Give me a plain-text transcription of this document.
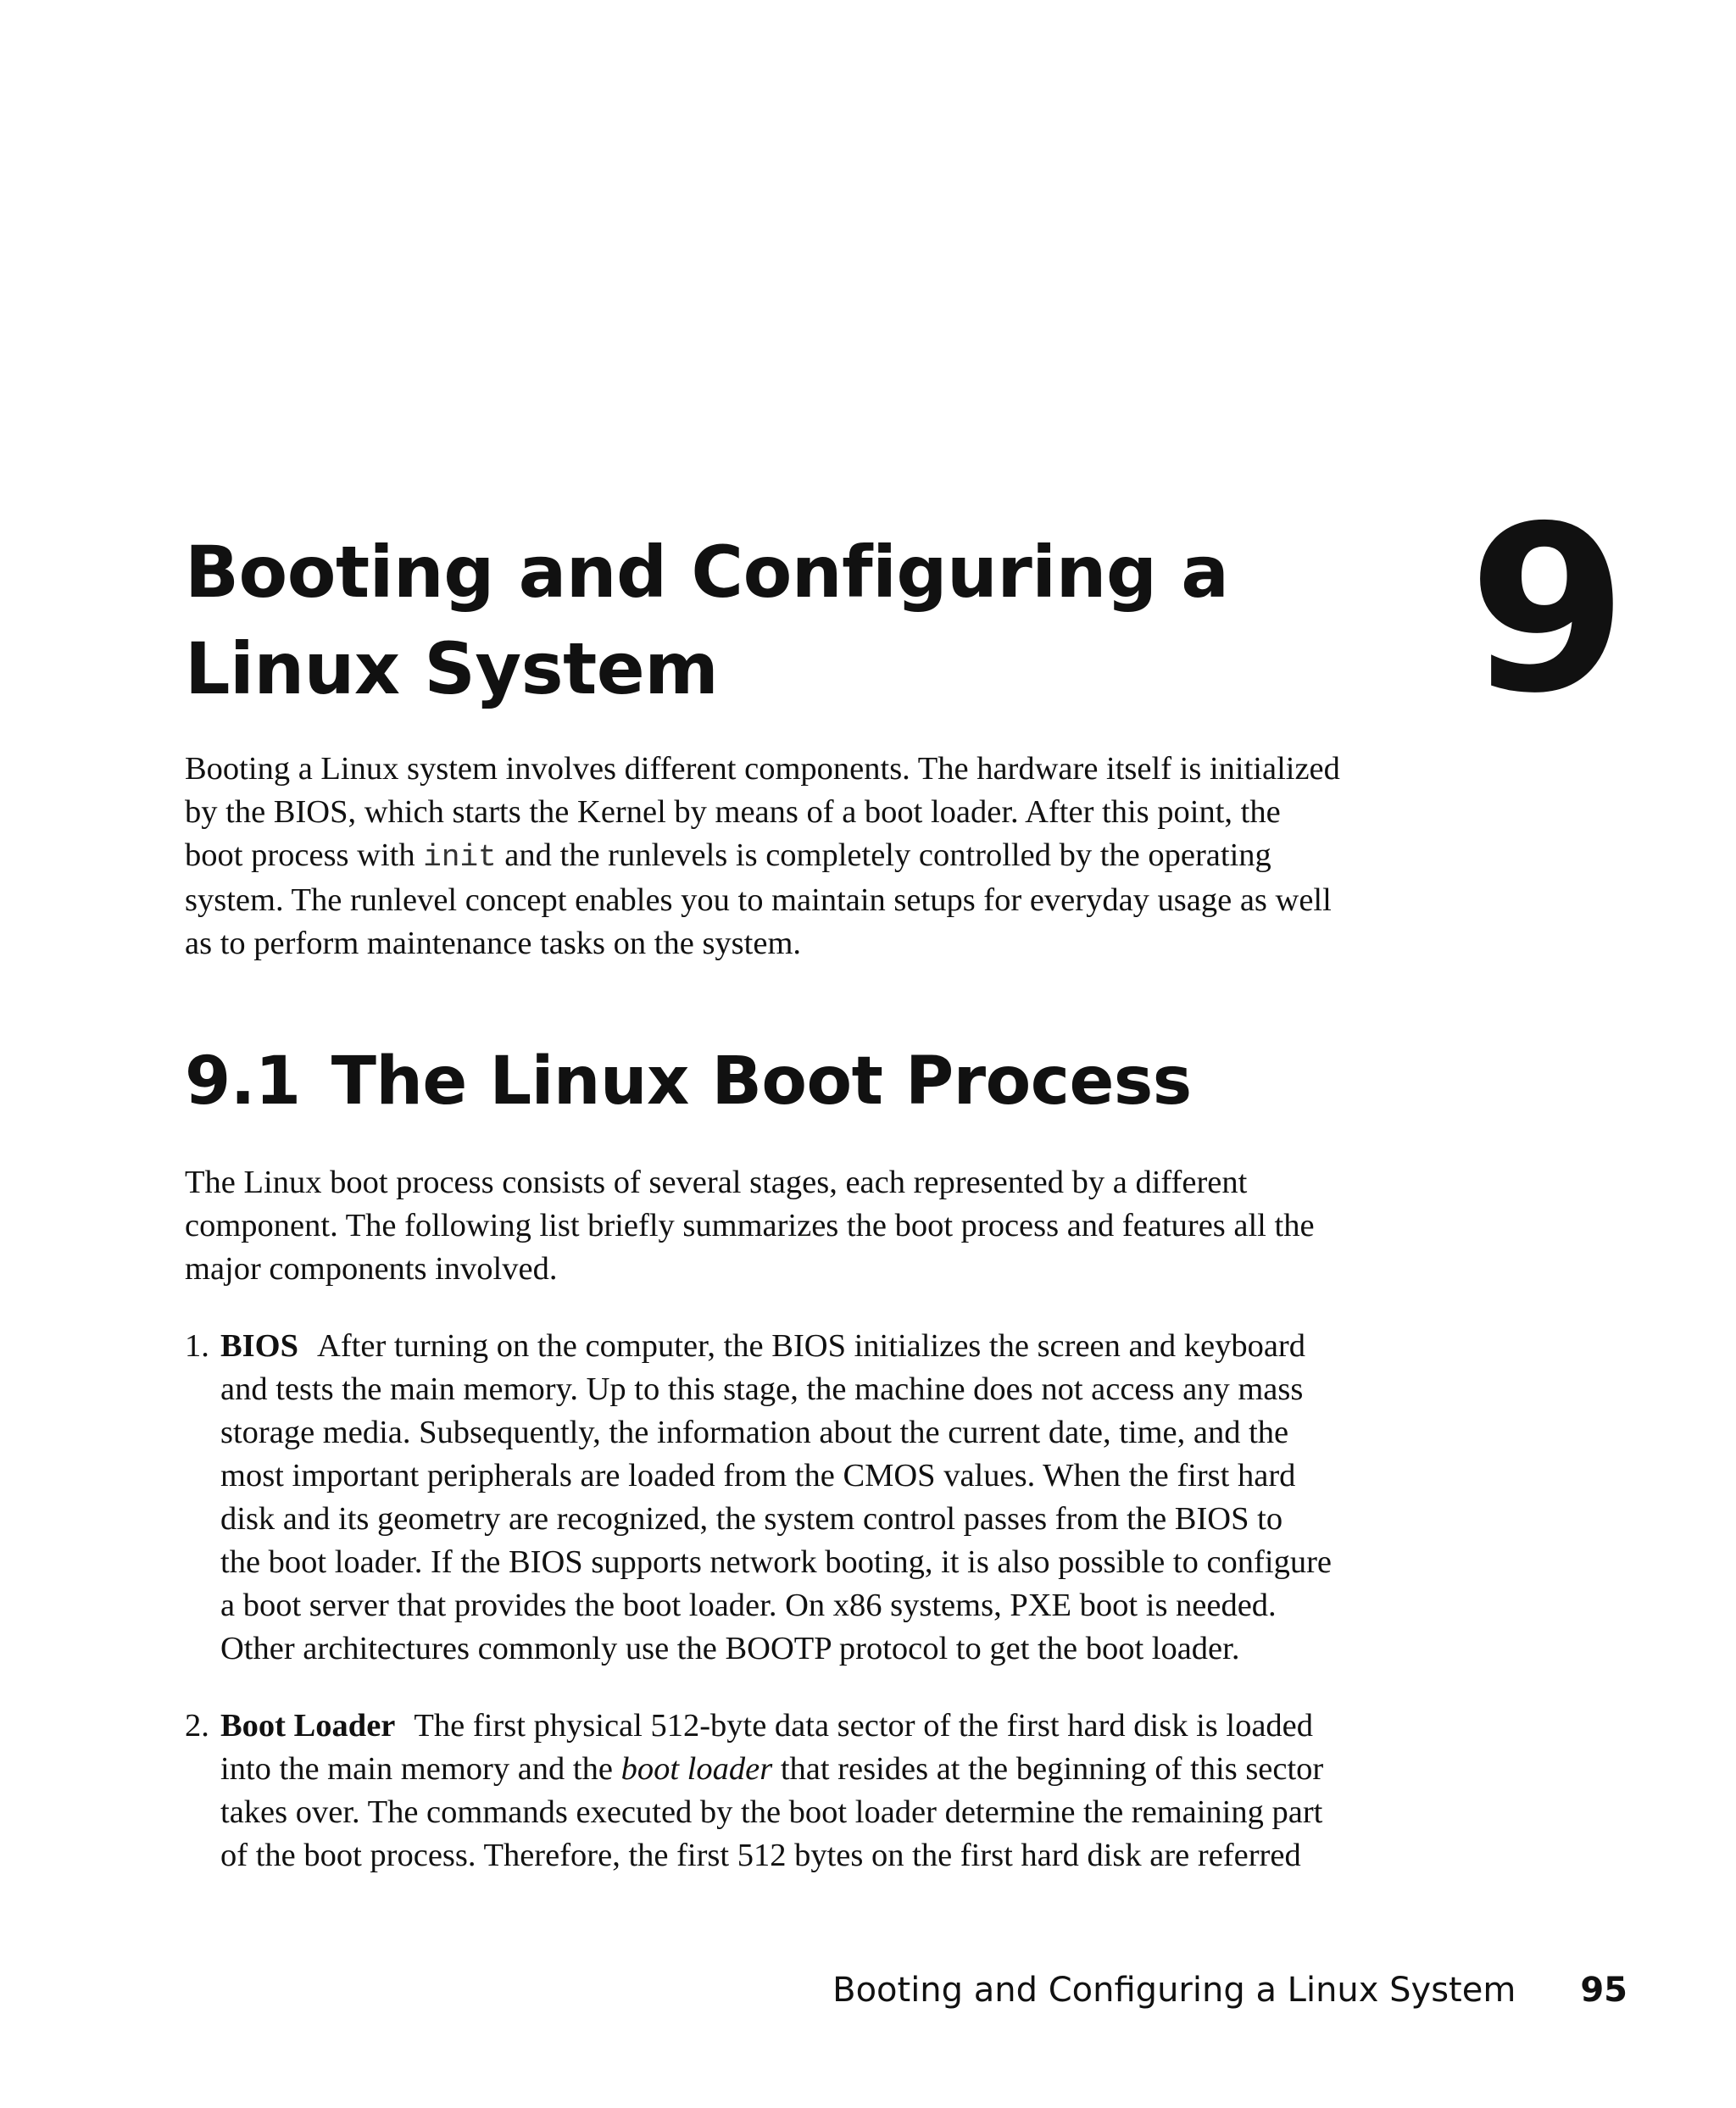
Booting and Configuring a
Linux System	9

Booting a Linux system involves different components. The hardware itself is initialized
by the BIOS, which starts the Kernel by means of a boot loader. After this point, the
boot process with init and the runlevels is completely controlled by the operating
system. The runlevel concept enables you to maintain setups for everyday usage as well
as to perform maintenance tasks on the system.

9.1 The Linux Boot Process

The Linux boot process consists of several stages, each represented by a different
component. The following list briefly summarizes the boot process and features all the
major components involved.

1. BIOS After turning on the computer, the BIOS initializes the screen and keyboard
and tests the main memory. Up to this stage, the machine does not access any mass
storage media. Subsequently, the information about the current date, time, and the
most important peripherals are loaded from the CMOS values. When the first hard
disk and its geometry are recognized, the system control passes from the BIOS to
the boot loader. If the BIOS supports network booting, it is also possible to configure
a boot server that provides the boot loader. On x86 systems, PXE boot is needed.
Other architectures commonly use the BOOTP protocol to get the boot loader.
2. Boot Loader The first physical 512-byte data sector of the first hard disk is loaded
into the main memory and the boot loader that resides at the beginning of this sector
takes over. The commands executed by the boot loader determine the remaining part
of the boot process. Therefore, the first 512 bytes on the first hard disk are referred
Booting and Configuring a Linux System 95
